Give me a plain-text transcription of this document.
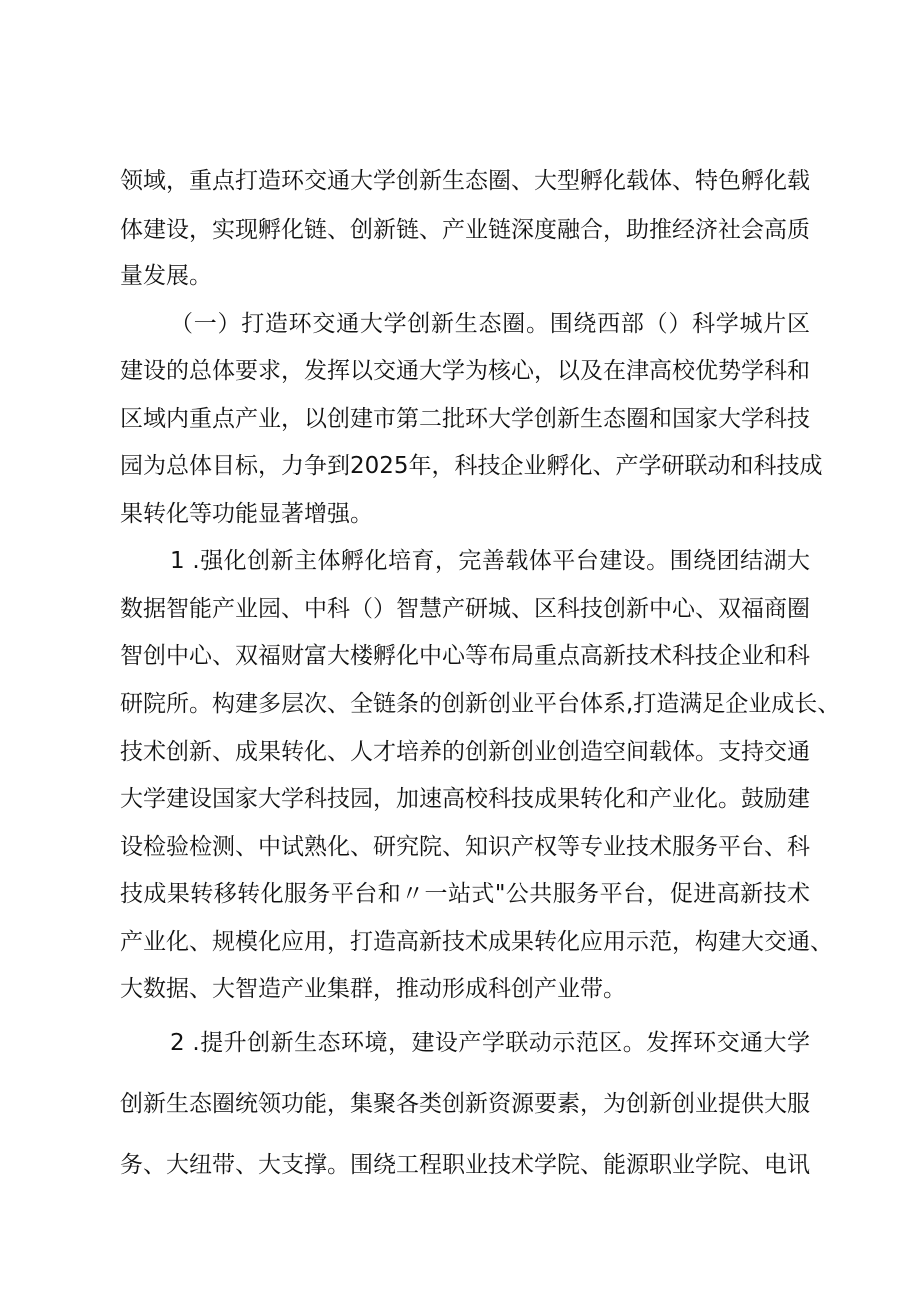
领域，重点打造环交通大学创新生态圈、大型孵化载体、特色孵化载
体建设，实现孵化链、创新链、产业链深度融合，助推经济社会高质
量发展。
（一）打造环交通大学创新生态圈。围绕西部（）科学城片区
建设的总体要求，发挥以交通大学为核心，以及在津高校优势学科和
区域内重点产业，以创建市第二批环大学创新生态圈和国家大学科技
园为总体目标，力争到2025年，科技企业孵化、产学研联动和科技成
果转化等功能显著增强。
1 .强化创新主体孵化培育，完善载体平台建设。围绕团结湖大
数据智能产业园、中科（）智慧产研城、区科技创新中心、双福商圈
智创中心、双福财富大楼孵化中心等布局重点高新技术科技企业和科
研院所。构建多层次、全链条的创新创业平台体系,打造满足企业成长、
技术创新、成果转化、人才培养的创新创业创造空间载体。支持交通
大学建设国家大学科技园，加速高校科技成果转化和产业化。鼓励建
设检验检测、中试熟化、研究院、知识产权等专业技术服务平台、科
技成果转移转化服务平台和〃一站式"公共服务平台，促进高新技术
产业化、规模化应用，打造高新技术成果转化应用示范，构建大交通、
大数据、大智造产业集群，推动形成科创产业带。
2 .提升创新生态环境，建设产学联动示范区。发挥环交通大学
创新生态圈统领功能，集聚各类创新资源要素，为创新创业提供大服
务、大纽带、大支撑。围绕工程职业技术学院、能源职业学院、电讯
